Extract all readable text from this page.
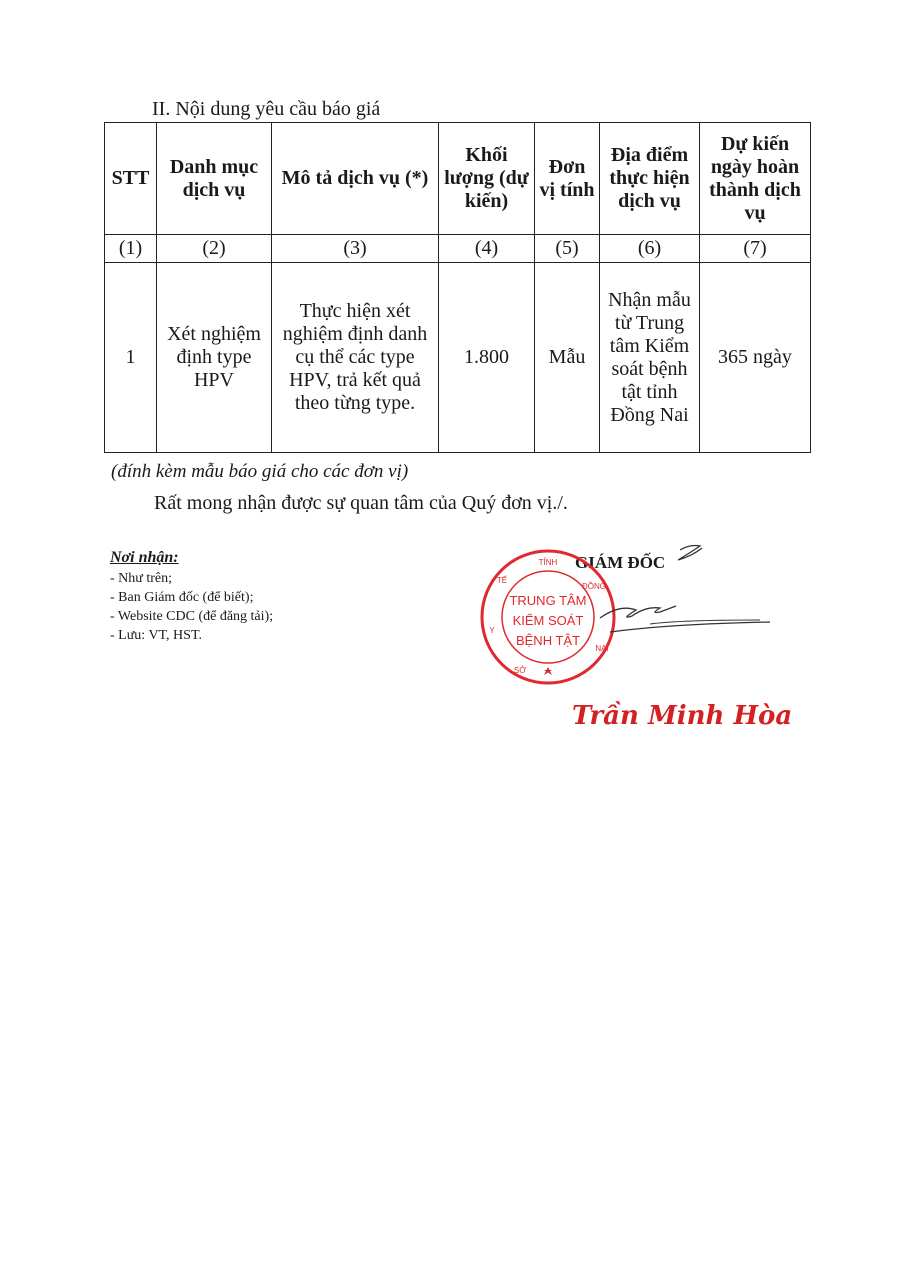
II. Nội dung yêu cầu báo giá
STT	Danh mục dịch vụ	Mô tả dịch vụ (*)	Khối lượng (dự kiến)	Đơn vị tính	Địa điểm thực hiện dịch vụ	Dự kiến ngày hoàn thành dịch vụ
(1)	(2)	(3)	(4)	(5)	(6)	(7)
1	Xét nghiệm định type HPV	Thực hiện xét nghiệm định danh cụ thể các type HPV, trả kết quả theo từng type.	1.800	Mẫu	Nhận mẫu từ Trung tâm Kiểm soát bệnh tật tỉnh Đồng Nai	365 ngày
(đính kèm mẫu báo giá cho các đơn vị)
Rất mong nhận được sự quan tâm của Quý đơn vị./.
Nơi nhận:
- Như trên;
- Ban Giám đốc (để biết);
- Website CDC (để đăng tải);
- Lưu: VT, HST.
GIÁM ĐỐC
TỈNH
ĐỒNG
NAI
SỞ
Y
TẾ
TRUNG TÂM
KIỂM SOÁT
BỆNH TẬT
Trần Minh Hòa
